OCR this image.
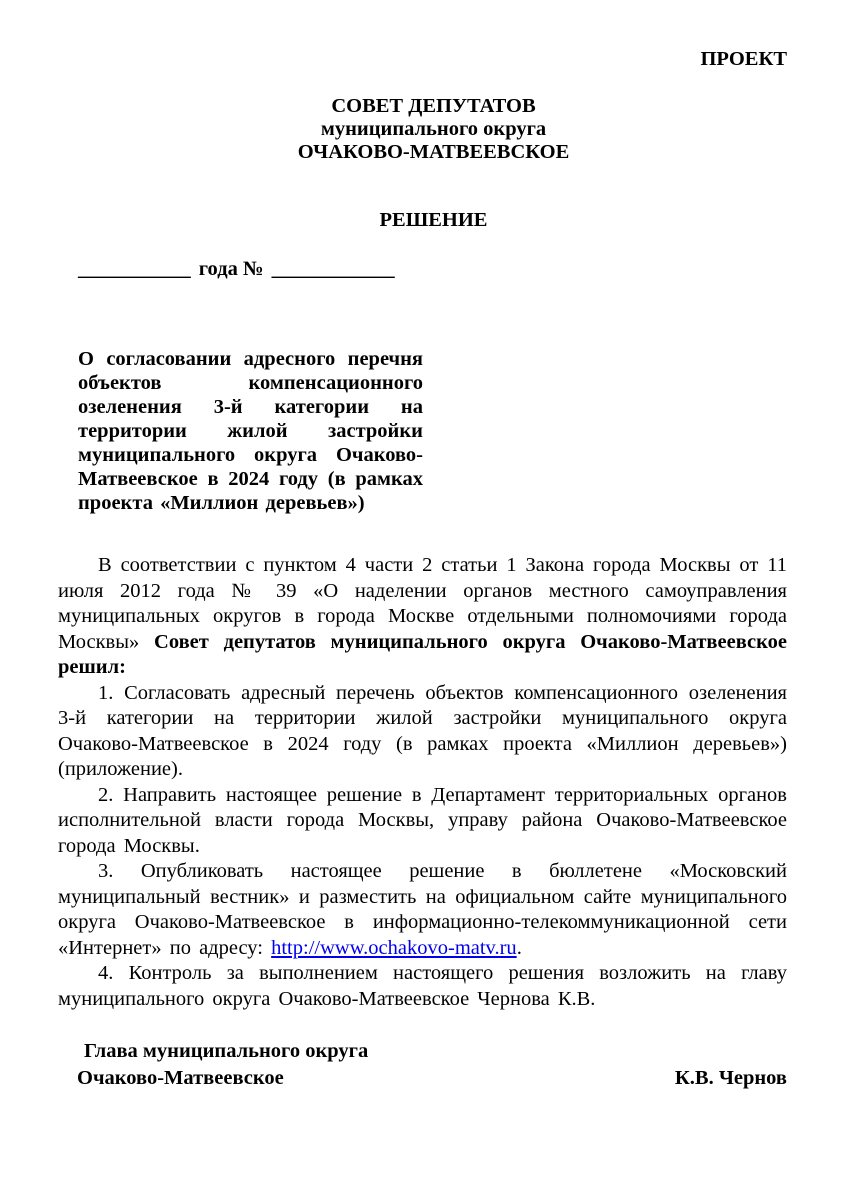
ПРОЕКТ
СОВЕТ ДЕПУТАТОВ
муниципального округа
ОЧАКОВО-МАТВЕЕВСКОЕ
РЕШЕНИЕ
___________ года № ____________
О согласовании адресного перечня объектов компенсационного озеленения 3-й категории на территории жилой застройки муниципального округа Очаково-Матвеевское в 2024 году (в рамках проекта «Миллион деревьев»)

В соответствии с пунктом 4 части 2 статьи 1 Закона города Москвы от 11 июля 2012 года № 39 «О наделении органов местного самоуправления муниципальных округов в города Москве отдельными полномочиями города Москвы» Совет депутатов муниципального округа Очаково-Матвеевское решил:

1. Согласовать адресный перечень объектов компенсационного озеленения 3-й категории на территории жилой застройки муниципального округа Очаково-Матвеевское в 2024 году (в рамках проекта «Миллион деревьев») (приложение).

2. Направить настоящее решение в Департамент территориальных органов исполнительной власти города Москвы, управу района Очаково-Матвеевское города Москвы.

3. Опубликовать настоящее решение в бюллетене «Московский муниципальный вестник» и разместить на официальном сайте муниципального округа Очаково-Матвеевское в информационно-телекоммуникационной сети «Интернет» по адресу: http://www.ochakovo-matv.ru.

4. Контроль за выполнением настоящего решения возложить на главу муниципального округа Очаково-Матвеевское Чернова К.В.

Глава муниципального округа
Очаково-Матвеевское	К.В. Чернов
